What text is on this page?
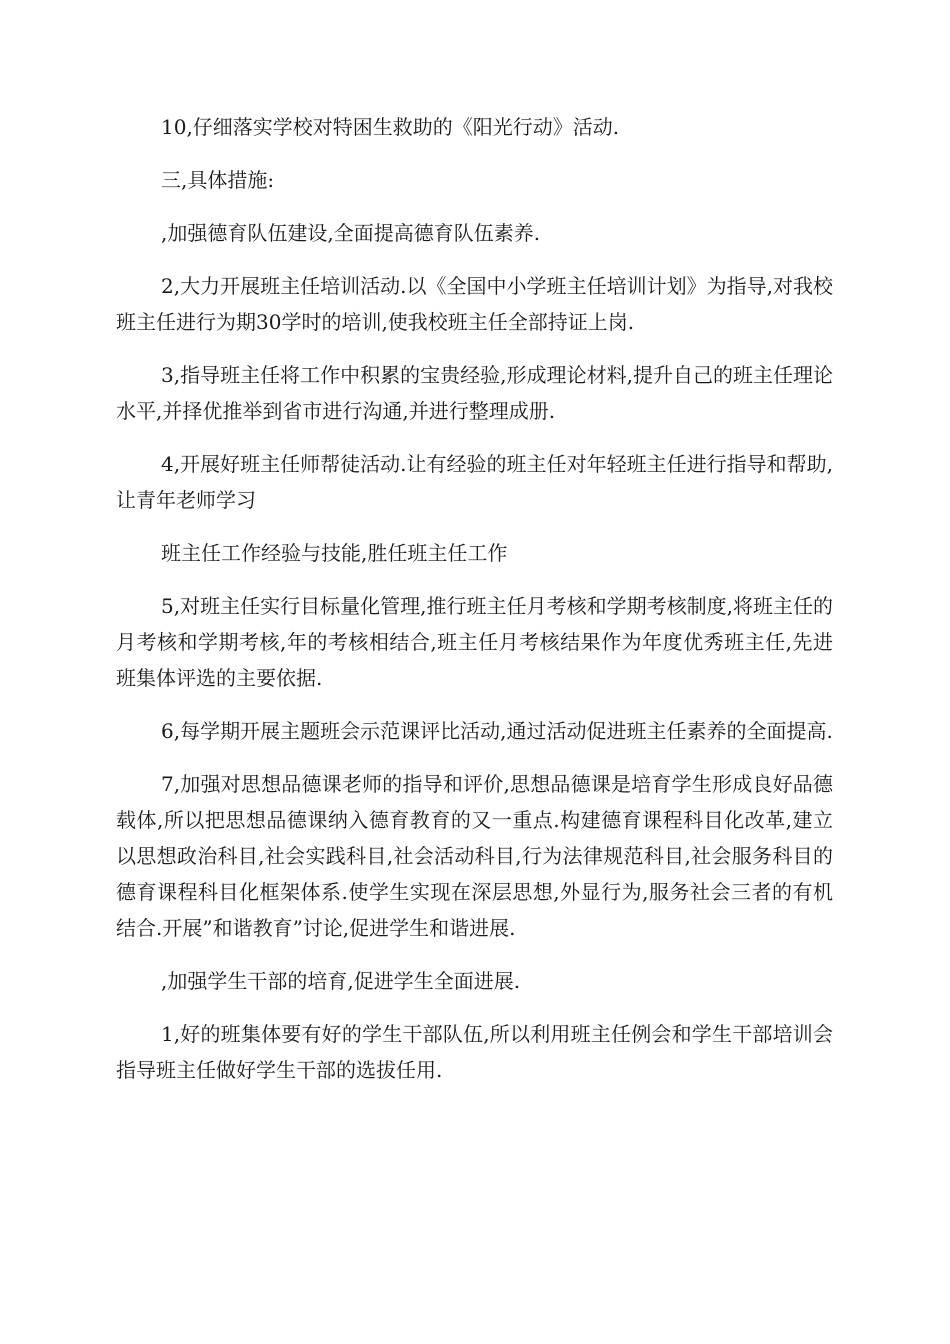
10,仔细落实学校对特困生救助的《阳光行动》活动.

三,具体措施:

,加强德育队伍建设,全面提高德育队伍素养.

2,大力开展班主任培训活动.以《全国中小学班主任培训计划》为指导,对我校班主任进行为期30学时的培训,使我校班主任全部持证上岗.

3,指导班主任将工作中积累的宝贵经验,形成理论材料,提升自己的班主任理论水平,并择优推举到省市进行沟通,并进行整理成册.

4,开展好班主任师帮徒活动.让有经验的班主任对年轻班主任进行指导和帮助,让青年老师学习

班主任工作经验与技能,胜任班主任工作

5,对班主任实行目标量化管理,推行班主任月考核和学期考核制度,将班主任的月考核和学期考核,年的考核相结合,班主任月考核结果作为年度优秀班主任,先进班集体评选的主要依据.

6,每学期开展主题班会示范课评比活动,通过活动促进班主任素养的全面提高.

7,加强对思想品德课老师的指导和评价,思想品德课是培育学生形成良好品德载体,所以把思想品德课纳入德育教育的又一重点.构建德育课程科目化改革,建立以思想政治科目,社会实践科目,社会活动科目,行为法律规范科目,社会服务科目的德育课程科目化框架体系.使学生实现在深层思想,外显行为,服务社会三者的有机结合.开展”和谐教育”讨论,促进学生和谐进展.

,加强学生干部的培育,促进学生全面进展.

1,好的班集体要有好的学生干部队伍,所以利用班主任例会和学生干部培训会指导班主任做好学生干部的选拔任用.
